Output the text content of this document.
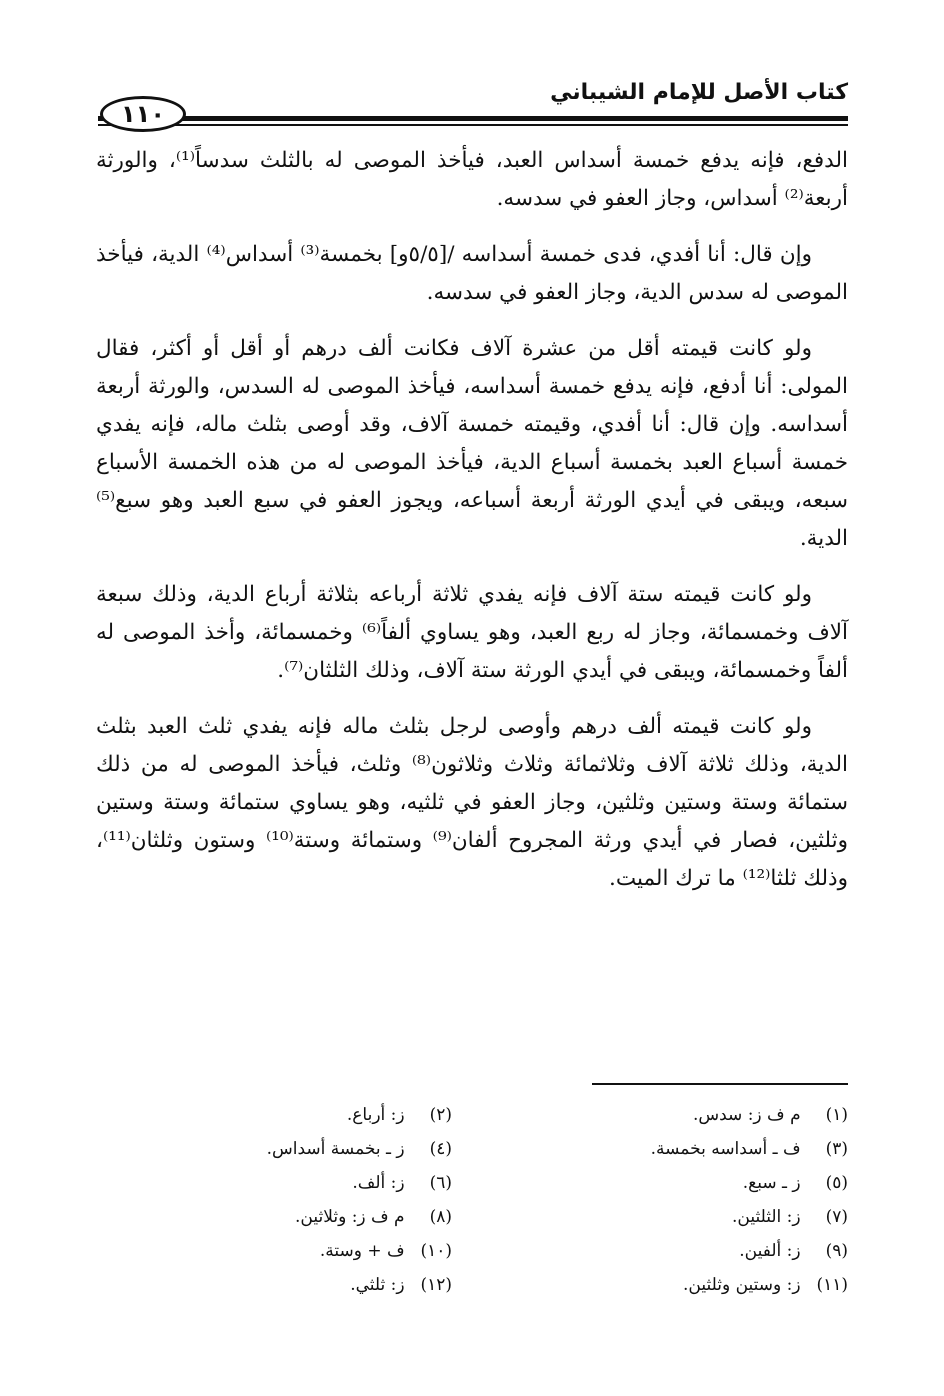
كتاب الأصل للإمام الشيباني
١١٠

الدفع، فإنه يدفع خمسة أسداس العبد، فيأخذ الموصى له بالثلث سدساً⁽¹⁾، والورثة أربعة⁽²⁾ أسداس، وجاز العفو في سدسه.

وإن قال: أنا أفدي، فدى خمسة أسداسه /[٥/٥و] بخمسة⁽³⁾ أسداس⁽⁴⁾ الدية، فيأخذ الموصى له سدس الدية، وجاز العفو في سدسه.

ولو كانت قيمته أقل من عشرة آلاف فكانت ألف درهم أو أقل أو أكثر، فقال المولى: أنا أدفع، فإنه يدفع خمسة أسداسه، فيأخذ الموصى له السدس، والورثة أربعة أسداسه. وإن قال: أنا أفدي، وقيمته خمسة آلاف، وقد أوصى بثلث ماله، فإنه يفدي خمسة أسباع العبد بخمسة أسباع الدية، فيأخذ الموصى له من هذه الخمسة الأسباع سبعه، ويبقى في أيدي الورثة أربعة أسباعه، ويجوز العفو في سبع العبد وهو سبع⁽⁵⁾ الدية.

ولو كانت قيمته ستة آلاف فإنه يفدي ثلاثة أرباعه بثلاثة أرباع الدية، وذلك سبعة آلاف وخمسمائة، وجاز له ربع العبد، وهو يساوي ألفاً⁽⁶⁾ وخمسمائة، وأخذ الموصى له ألفاً وخمسمائة، ويبقى في أيدي الورثة ستة آلاف، وذلك الثلثان⁽⁷⁾.

ولو كانت قيمته ألف درهم وأوصى لرجل بثلث ماله فإنه يفدي ثلث العبد بثلث الدية، وذلك ثلاثة آلاف وثلاثمائة وثلاث وثلاثون⁽⁸⁾ وثلث، فيأخذ الموصى له من ذلك ستمائة وستة وستين وثلثين، وجاز العفو في ثلثيه، وهو يساوي ستمائة وستة وستين وثلثين، فصار في أيدي ورثة المجروح ألفان⁽⁹⁾ وستمائة وستة⁽¹⁰⁾ وستون وثلثان⁽¹¹⁾، وذلك ثلثا⁽¹²⁾ ما ترك الميت.

(١) م ف ز: سدس.
(٢) ز: أرباع.
(٣) ف ـ أسداسه بخمسة.
(٤) ز ـ بخمسة أسداس.
(٥) ز ـ سبع.
(٦) ز: ألف.
(٧) ز: الثلثين.
(٨) م ف ز: وثلاثين.
(٩) ز: ألفين.
(١٠) ف + وستة.
(١١) ز: وستين وثلثين.
(١٢) ز: ثلثي.
